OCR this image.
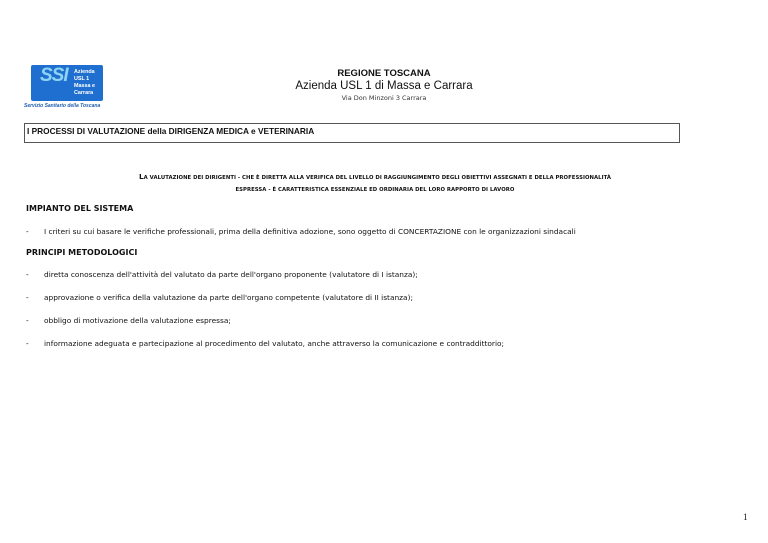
SSI	Azienda
USL 1
Massa e
Carrara
Servizio Sanitario della Toscana
REGIONE TOSCANA
Azienda USL 1 di Massa e Carrara
Via Don Minzoni 3 Carrara
I PROCESSI DI VALUTAZIONE della DIRIGENZA MEDICA e VETERINARIA
LA VALUTAZIONE DEI DIRIGENTI - CHE È DIRETTA ALLA VERIFICA DEL LIVELLO DI RAGGIUNGIMENTO DEGLI OBIETTIVI ASSEGNATI E DELLA PROFESSIONALITÀ
ESPRESSA - È CARATTERISTICA ESSENZIALE ED ORDINARIA DEL LORO RAPPORTO DI LAVORO
IMPIANTO DEL SISTEMA
- I criteri su cui basare le verifiche professionali, prima della definitiva adozione, sono oggetto di CONCERTAZIONE con le organizzazioni sindacali
PRINCIPI METODOLOGICI
- diretta conoscenza dell'attività del valutato da parte dell'organo proponente (valutatore di I istanza);
- approvazione o verifica della valutazione da parte dell'organo competente (valutatore di II istanza);
- obbligo di motivazione della valutazione espressa;
- informazione adeguata e partecipazione al procedimento del valutato, anche attraverso la comunicazione e contraddittorio;
1
